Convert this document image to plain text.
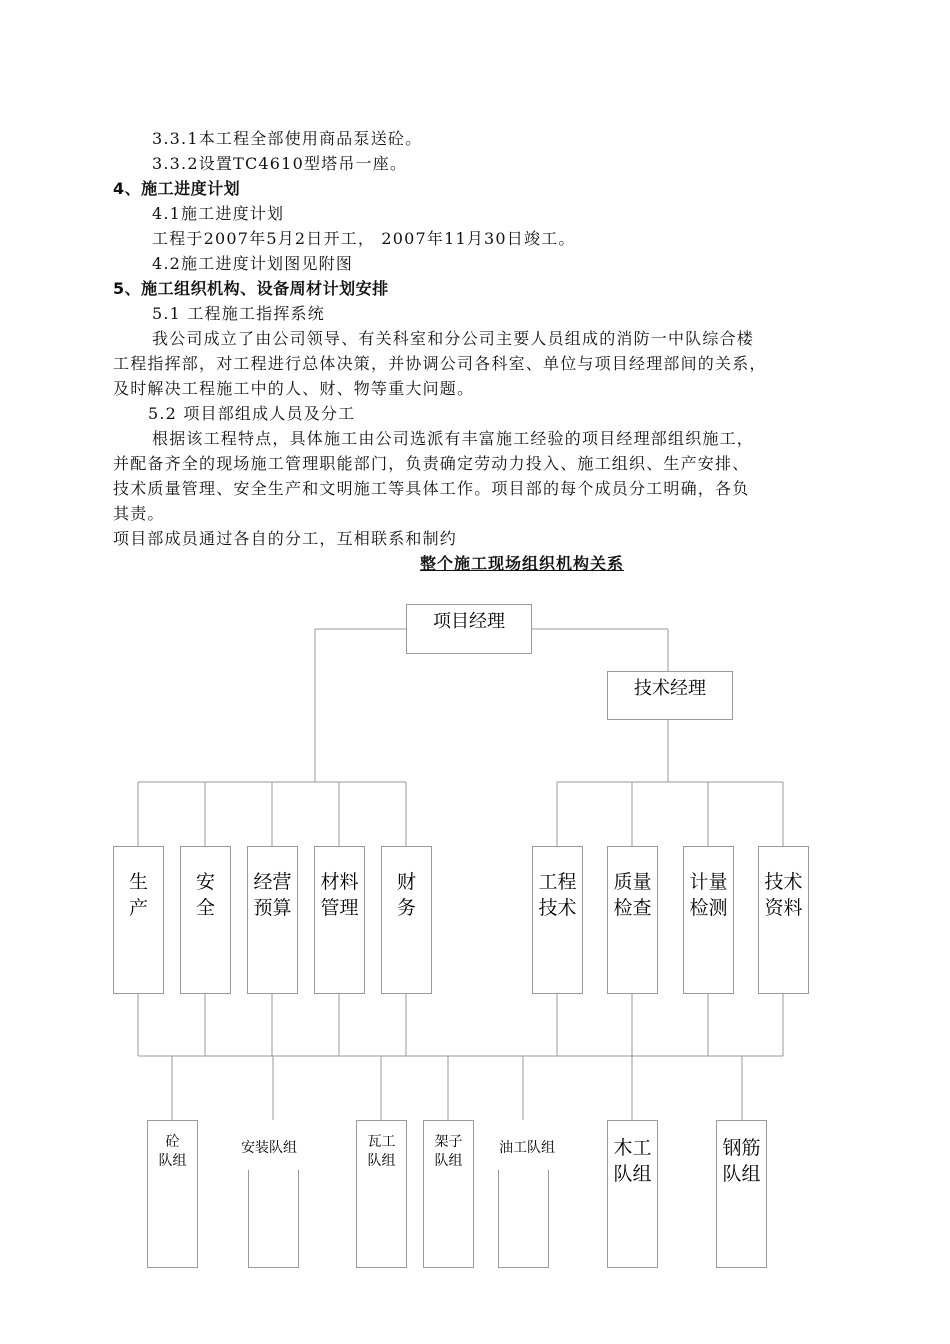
3.3.1本工程全部使用商品泵送砼。
3.3.2设置TC4610型塔吊一座。
4、施工进度计划
4.1施工进度计划
工程于2007年5月2日开工， 2007年11月30日竣工。
4.2施工进度计划图见附图
5、施工组织机构、设备周材计划安排
5.1 工程施工指挥系统
我公司成立了由公司领导、有关科室和分公司主要人员组成的消防一中队综合楼
工程指挥部，对工程进行总体决策，并协调公司各科室、单位与项目经理部间的关系，
及时解决工程施工中的人、财、物等重大问题。
5.2 项目部组成人员及分工
根据该工程特点，具体施工由公司选派有丰富施工经验的项目经理部组织施工，
并配备齐全的现场施工管理职能部门，负责确定劳动力投入、施工组织、生产安排、
技术质量管理、安全生产和文明施工等具体工作。项目部的每个成员分工明确，各负
其责。
项目部成员通过各自的分工，互相联系和制约
整个施工现场组织机构关系
项目经理
技术经理
生
产
安
全
经营
预算
材料
管理
财
务
工程
技术
质量
检查
计量
检测
技术
资料
砼
队组
安装队组	瓦工
队组
架子
队组
油工队组	木工
队组
钢筋
队组
